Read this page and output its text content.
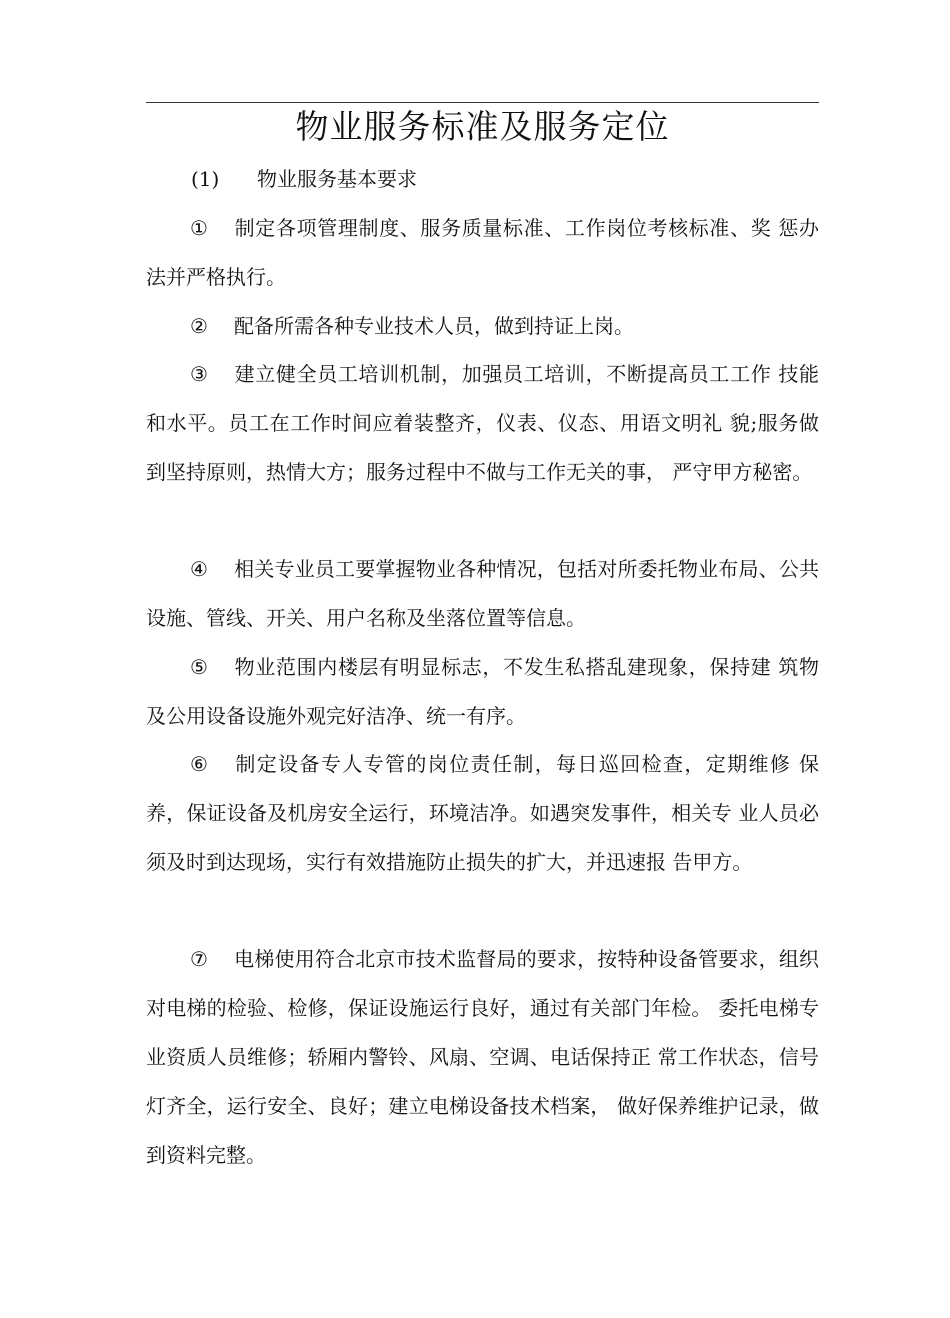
物业服务标准及服务定位
(1) 物业服务基本要求

① 制定各项管理制度、服务质量标准、工作岗位考核标准、奖 惩办法并严格执行。

② 配备所需各种专业技术人员，做到持证上岗。

③ 建立健全员工培训机制，加强员工培训，不断提高员工工作 技能和水平。员工在工作时间应着装整齐，仪表、仪态、用语文明礼 貌;服务做到坚持原则，热情大方；服务过程中不做与工作无关的事， 严守甲方秘密。

④ 相关专业员工要掌握物业各种情况，包括对所委托物业布局、公共设施、管线、开关、用户名称及坐落位置等信息。

⑤ 物业范围内楼层有明显标志，不发生私搭乱建现象，保持建 筑物及公用设备设施外观完好洁净、统一有序。

⑥ 制定设备专人专管的岗位责任制，每日巡回检查，定期维修 保养，保证设备及机房安全运行，环境洁净。如遇突发事件，相关专 业人员必须及时到达现场，实行有效措施防止损失的扩大，并迅速报 告甲方。

⑦ 电梯使用符合北京市技术监督局的要求，按特种设备管要求，组织对电梯的检验、检修，保证设施运行良好，通过有关部门年检。 委托电梯专业资质人员维修；轿厢内警铃、风扇、空调、电话保持正 常工作状态，信号灯齐全，运行安全、良好；建立电梯设备技术档案， 做好保养维护记录，做到资料完整。
